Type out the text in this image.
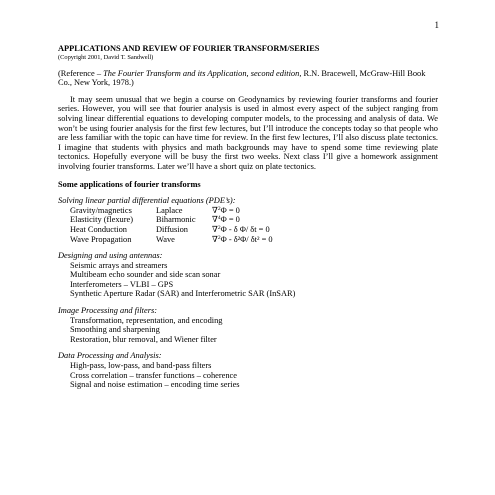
1
APPLICATIONS AND REVIEW OF FOURIER TRANSFORM/SERIES
(Copyright 2001, David T. Sandwell)
(Reference – The Fourier Transform and its Application, second edition, R.N. Bracewell, McGraw-Hill Book Co., New York, 1978.)
It may seem unusual that we begin a course on Geodynamics by reviewing fourier transforms and fourier series. However, you will see that fourier analysis is used in almost every aspect of the subject ranging from solving linear differential equations to developing computer models, to the processing and analysis of data. We won’t be using fourier analysis for the first few lectures, but I’ll introduce the concepts today so that people who are less familiar with the topic can have time for review. In the first few lectures, I’ll also discuss plate tectonics. I imagine that students with physics and math backgrounds may have to spend some time reviewing plate tectonics. Hopefully everyone will be busy the first two weeks. Next class I’ll give a homework assignment involving fourier transforms. Later we’ll have a short quiz on plate tectonics.
Some applications of fourier transforms
Solving linear partial differential equations (PDE’s):
Gravity/magnetics	Laplace	∇$^2$Φ = 0
Elasticity (flexure)	Biharmonic	∇$^4$Φ = 0
Heat Conduction	Diffusion	∇$^2$Φ - δ Φ/ δt = 0
Wave Propagation	Wave	∇$^2$Φ - δ²Φ/ δt² = 0
Designing and using antennas:
Seismic arrays and streamers
Multibeam echo sounder and side scan sonar
Interferometers – VLBI – GPS
Synthetic Aperture Radar (SAR) and Interferometric SAR (InSAR)
Image Processing and filters:
Transformation, representation, and encoding
Smoothing and sharpening
Restoration, blur removal, and Wiener filter
Data Processing and Analysis:
High-pass, low-pass, and band-pass filters
Cross correlation – transfer functions – coherence
Signal and noise estimation – encoding time series
